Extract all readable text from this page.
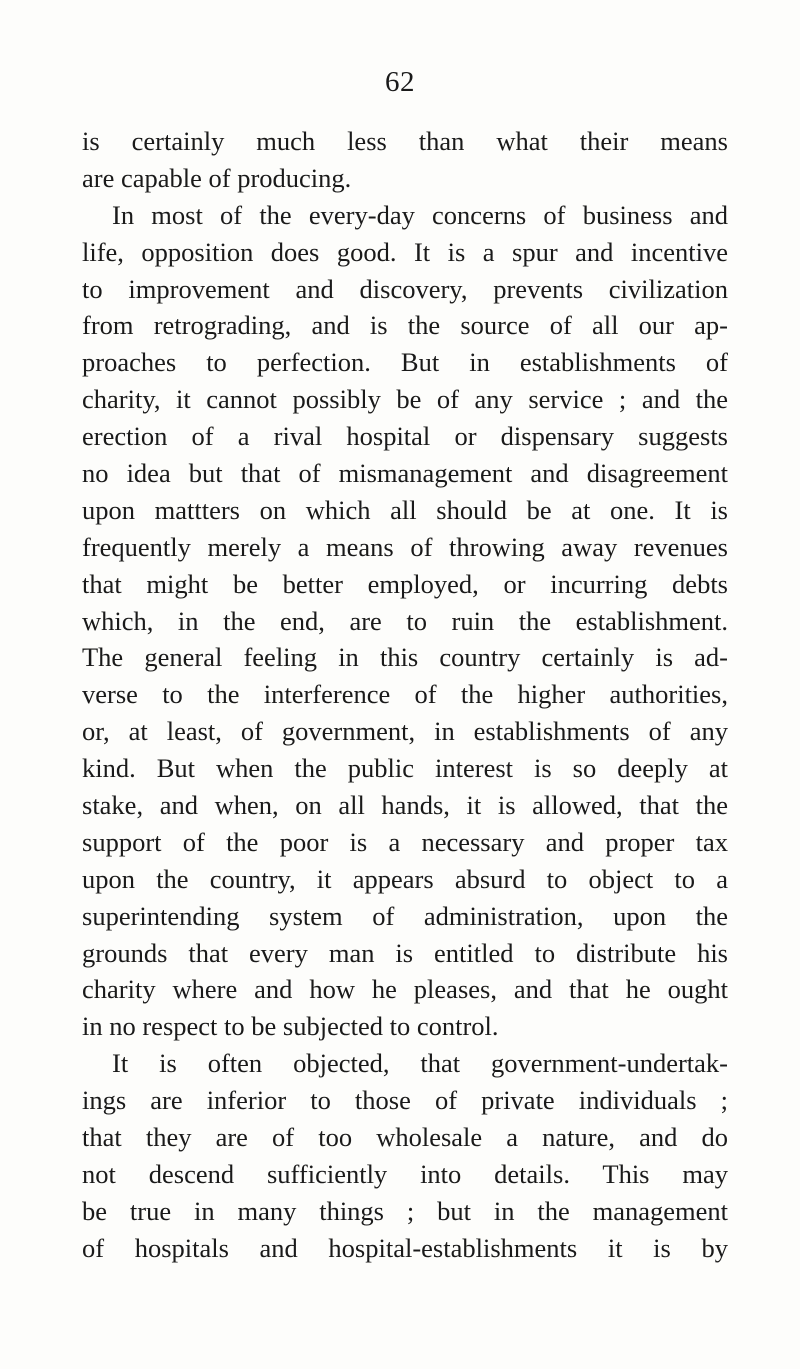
62
is certainly much less than what their means
are capable of producing.
In most of the every-day concerns of business and
life, opposition does good. It is a spur and incentive
to improvement and discovery, prevents civilization
from retrograding, and is the source of all our ap-
proaches to perfection. But in establishments of
charity, it cannot possibly be of any service ; and the
erection of a rival hospital or dispensary suggests
no idea but that of mismanagement and disagreement
upon mattters on which all should be at one. It is
frequently merely a means of throwing away revenues
that might be better employed, or incurring debts
which, in the end, are to ruin the establishment.
The general feeling in this country certainly is ad-
verse to the interference of the higher authorities,
or, at least, of government, in establishments of any
kind. But when the public interest is so deeply at
stake, and when, on all hands, it is allowed, that the
support of the poor is a necessary and proper tax
upon the country, it appears absurd to object to a
superintending system of administration, upon the
grounds that every man is entitled to distribute his
charity where and how he pleases, and that he ought
in no respect to be subjected to control.
It is often objected, that government-undertak-
ings are inferior to those of private individuals ;
that they are of too wholesale a nature, and do
not descend sufficiently into details. This may
be true in many things ; but in the management
of hospitals and hospital-establishments it is by
